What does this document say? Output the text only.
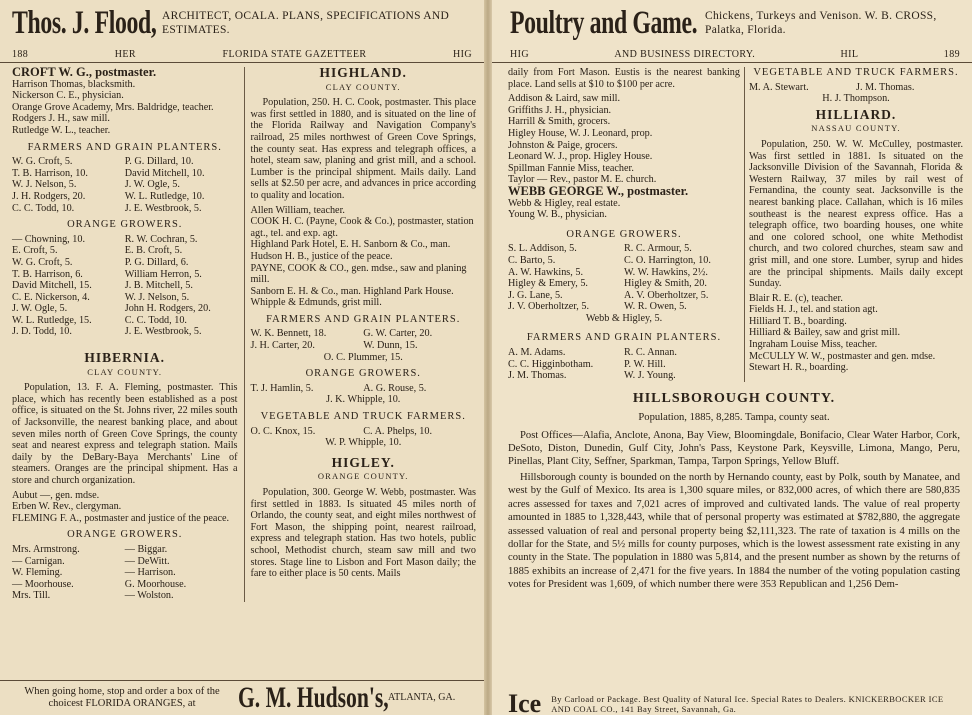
Thos. J. Flood, ARCHITECT, OCALA. PLANS, SPECIFICATIONS AND ESTIMATES.
188	HER	FLORIDA STATE GAZETTEER	HIG
CROFT W. G., postmaster.
Harrison Thomas, blacksmith.
Nickerson C. E., physician.
Orange Grove Academy, Mrs. Baldridge, teacher.
Rodgers J. H., saw mill.
Rutledge W. L., teacher.
FARMERS AND GRAIN PLANTERS.
W. G. Croft, 5.	P. G. Dillard, 10.
T. B. Harrison, 10.	David Mitchell, 10.
W. J. Nelson, 5.	J. W. Ogle, 5.
J. H. Rodgers, 20.	W. L. Rutledge, 10.
C. C. Todd, 10.	J. E. Westbrook, 5.
ORANGE GROWERS.
— Chowning, 10.	R. W. Cochran, 5.
E. Croft, 5.	E. B. Croft, 5.
W. G. Croft, 5.	P. G. Dillard, 6.
T. B. Harrison, 6.	William Herron, 5.
David Mitchell, 15.	J. B. Mitchell, 5.
C. E. Nickerson, 4.	W. J. Nelson, 5.
J. W. Ogle, 5.	John H. Rodgers, 20.
W. L. Rutledge, 15.	C. C. Todd, 10.
J. D. Todd, 10.	J. E. Westbrook, 5.
HIBERNIA.
CLAY COUNTY.
Population, 13. F. A. Fleming, postmaster. This place, which has recently been established as a post office, is situated on the St. Johns river, 22 miles south of Jacksonville, the nearest banking place, and about seven miles north of Green Cove Springs, the county seat and nearest express and telegraph station. Mails daily by the DeBary-Baya Merchants' Line of steamers. Oranges are the principal shipment. Has a store and church organization.
Aubut —, gen. mdse.
Erben W. Rev., clergyman.
FLEMING F. A., postmaster and justice of the peace.
ORANGE GROWERS.
Mrs. Armstrong.	— Biggar.
— Carnigan.	— DeWitt.
W. Fleming.	— Harrison.
— Moorhouse.	G. Moorhouse.
Mrs. Till.	— Wolston.
HIGHLAND.
CLAY COUNTY.
Population, 250. H. C. Cook, postmaster. This place was first settled in 1880, and is situated on the line of the Florida Railway and Navigation Company's railroad, 25 miles northwest of Green Cove Springs, the county seat. Has express and telegraph offices, a hotel, steam saw, planing and grist mill, and a school. Lumber is the principal shipment. Mails daily. Land sells at $2.50 per acre, and advances in price according to quality and location.
Allen William, teacher.
COOK H. C. (Payne, Cook & Co.), postmaster, station agt., tel. and exp. agt.
Highland Park Hotel, E. H. Sanborn & Co., man.
Hudson H. B., justice of the peace.
PAYNE, COOK & CO., gen. mdse., saw and planing mill.
Sanborn E. H. & Co., man. Highland Park House.
Whipple & Edmunds, grist mill.
FARMERS AND GRAIN PLANTERS.
W. K. Bennett, 18.	G. W. Carter, 20.
J. H. Carter, 20.	W. Dunn, 15.
O. C. Plummer, 15.
ORANGE GROWERS.
T. J. Hamlin, 5.	A. G. Rouse, 5.
J. K. Whipple, 10.
VEGETABLE AND TRUCK FARMERS.
O. C. Knox, 15.	C. A. Phelps, 10.
W. P. Whipple, 10.
HIGLEY.
ORANGE COUNTY.
Population, 300. George W. Webb, postmaster. Was first settled in 1883. Is situated 45 miles north of Orlando, the county seat, and eight miles northwest of Fort Mason, the shipping point, nearest railroad, express and telegraph station. Has two hotels, public school, Methodist church, steam saw mill and two stores. Stage line to Lisbon and Fort Mason daily; the fare to either place is 50 cents. Mails
When going home, stop and order a box of the choicest FLORIDA ORANGES, at	G. M. Hudson's, ATLANTA, GA.
Poultry and Game. Chickens, Turkeys and Venison. W. B. CROSS, Palatka, Florida.
HIG	AND BUSINESS DIRECTORY.	HIL	189
daily from Fort Mason. Eustis is the nearest banking place. Land sells at $10 to $100 per acre.
Addison & Laird, saw mill.
Griffiths J. H., physician.
Harrill & Smith, grocers.
Higley House, W. J. Leonard, prop.
Johnston & Paige, grocers.
Leonard W. J., prop. Higley House.
Spillman Fannie Miss, teacher.
Taylor — Rev., pastor M. E. church.
WEBB GEORGE W., postmaster.
Webb & Higley, real estate.
Young W. B., physician.
ORANGE GROWERS.
S. L. Addison, 5.	R. C. Armour, 5.
C. Barto, 5.	C. O. Harrington, 10.
A. W. Hawkins, 5.	W. W. Hawkins, 2½.
Higley & Emery, 5.	Higley & Smith, 20.
J. G. Lane, 5.	A. V. Oberholtzer, 5.
J. V. Oberholtzer, 5.	W. R. Owen, 5.
Webb & Higley, 5.
FARMERS AND GRAIN PLANTERS.
A. M. Adams.	R. C. Annan.
C. C. Higginbotham.	P. W. Hill.
J. M. Thomas.	W. J. Young.
VEGETABLE AND TRUCK FARMERS.
M. A. Stewart.	J. M. Thomas.
H. J. Thompson.
HILLIARD.
NASSAU COUNTY.
Population, 250. W. W. McCulley, postmaster. Was first settled in 1881. Is situated on the Jacksonville Division of the Savannah, Florida & Western Railway, 37 miles by rail west of Fernandina, the county seat. Jacksonville is the nearest banking place. Callahan, which is 16 miles southeast is the nearest express office. Has a telegraph office, two boarding houses, one white and one colored school, one white Methodist church, and two colored churches, steam saw and grist mill, and one store. Lumber, syrup and hides are the principal shipments. Mails daily except Sunday.
Blair R. E. (c), teacher.
Fields H. J., tel. and station agt.
Hilliard T. B., boarding.
Hilliard & Bailey, saw and grist mill.
Ingraham Louise Miss, teacher.
McCULLY W. W., postmaster and gen. mdse.
Stewart H. R., boarding.
HILLSBOROUGH COUNTY.
Population, 1885, 8,285. Tampa, county seat.
Post Offices—Alafia, Anclote, Anona, Bay View, Bloomingdale, Bonifacio, Clear Water Harbor, Cork, DeSoto, Diston, Dunedin, Gulf City, John's Pass, Keystone Park, Keysville, Limona, Mango, Peru, Pinellas, Plant City, Seffner, Sparkman, Tampa, Tarpon Springs, Yellow Bluff.
Hillsborough county is bounded on the north by Hernando county, east by Polk, south by Manatee, and west by the Gulf of Mexico. Its area is 1,300 square miles, or 832,000 acres, of which there are 580,835 acres assessed for taxes and 7,021 acres of improved and cultivated lands. The value of real property amounted in 1885 to 1,328,443, while that of personal property was estimated at $782,880, the aggregate assessed valuation of real and personal property being $2,111,323. The rate of taxation is 4 mills on the dollar for the State, and 5½ mills for county purposes, which is the lowest assessment rate existing in any county in the State. The population in 1880 was 5,814, and the present number as shown by the returns of 1885 exhibits an increase of 2,471 for the five years. In 1884 the number of the voting population casting votes for President was 1,609, of which number there were 353 Republican and 1,256 Dem-
Ice By Carload or Package. Best Quality of Natural Ice. Special Rates to Dealers. KNICKERBOCKER ICE AND COAL CO., 141 Bay Street, Savannah, Ga.
